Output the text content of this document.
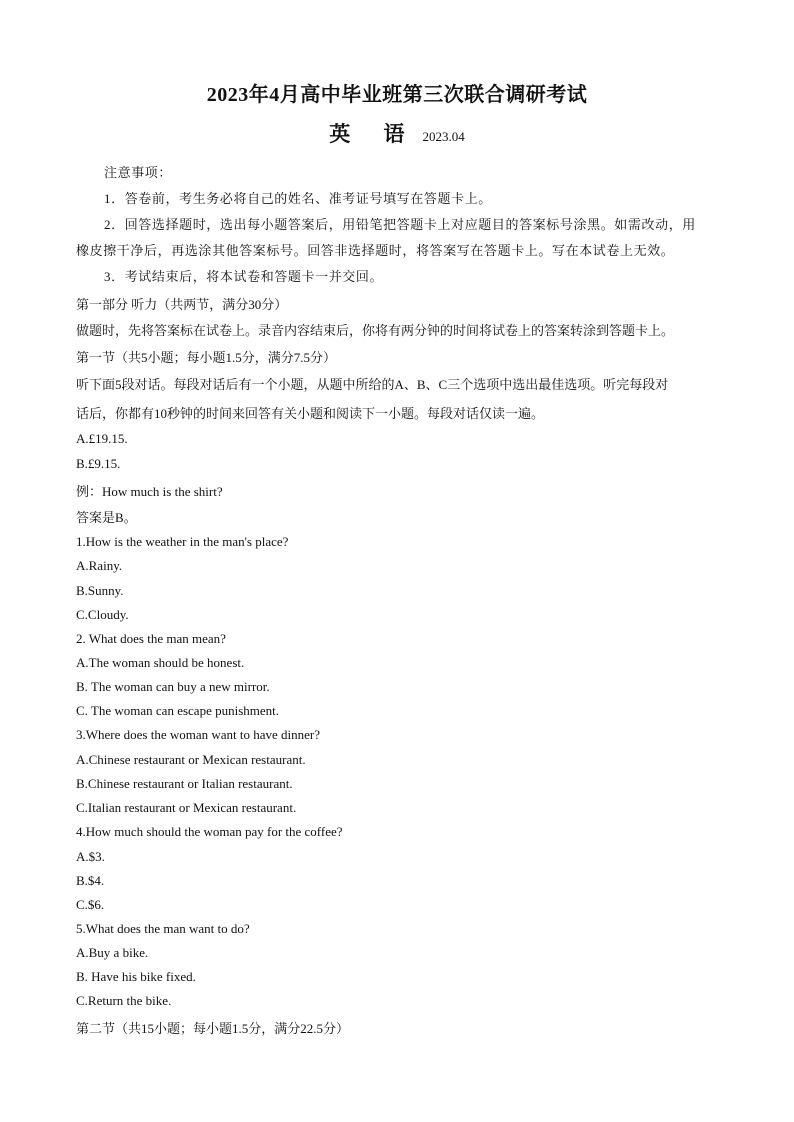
2023年4月高中毕业班第三次联合调研考试
英 语 2023.04
注意事项：
1．答卷前，考生务必将自己的姓名、准考证号填写在答题卡上。
2．回答选择题时，选出每小题答案后，用铅笔把答题卡上对应题目的答案标号涂黑。如需改动，用
橡皮擦干净后，再选涂其他答案标号。回答非选择题时，将答案写在答题卡上。写在本试卷上无效。
3．考试结束后，将本试卷和答题卡一并交回。
第一部分 听力（共两节，满分30分）
做题时，先将答案标在试卷上。录音内容结束后，你将有两分钟的时间将试卷上的答案转涂到答题卡上。
第一节（共5小题；每小题1.5分，满分7.5分）
听下面5段对话。每段对话后有一个小题，从题中所给的A、B、C三个选项中选出最佳选项。听完每段对
话后，你都有10秒钟的时间来回答有关小题和阅读下一小题。每段对话仅读一遍。
A.£19.15.
B.£9.15.
例：How much is the shirt?
答案是B。
1.How is the weather in the man's place?
A.Rainy.
B.Sunny.
C.Cloudy.
2. What does the man mean?
A.The woman should be honest.
B. The woman can buy a new mirror.
C. The woman can escape punishment.
3.Where does the woman want to have dinner?
A.Chinese restaurant or Mexican restaurant.
B.Chinese restaurant or Italian restaurant.
C.Italian restaurant or Mexican restaurant.
4.How much should the woman pay for the coffee?
A.$3.
B.$4.
C.$6.
5.What does the man want to do?
A.Buy a bike.
B. Have his bike fixed.
C.Return the bike.
第二节（共15小题；每小题1.5分，满分22.5分）
